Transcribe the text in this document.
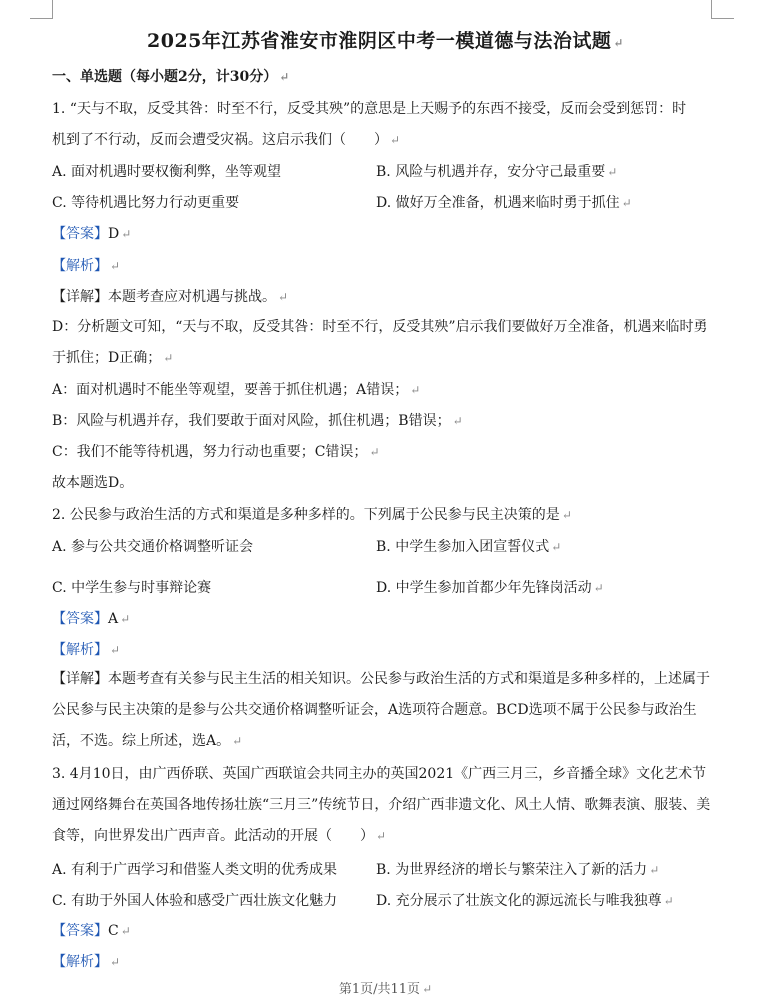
2025年江苏省淮安市淮阴区中考一模道德与法治试题 ↵
一、单选题（每小题2分，计30分） ↵
1. “天与不取，反受其咎：时至不行，反受其殃”的意思是上天赐予的东西不接受，反而会受到惩罚：时
机到了不行动，反而会遭受灾祸。这启示我们（　　） ↵
A. 面对机遇时要权衡利弊，坐等观望	B. 风险与机遇并存，安分守己最重要 ↵
C. 等待机遇比努力行动更重要	D. 做好万全准备，机遇来临时勇于抓住 ↵
【答案】D ↵
【解析】 ↵
【详解】本题考查应对机遇与挑战。 ↵
D：分析题文可知，“天与不取，反受其咎：时至不行，反受其殃”启示我们要做好万全准备，机遇来临时勇于抓住；D正确； ↵
A：面对机遇时不能坐等观望，要善于抓住机遇；A错误； ↵
B：风险与机遇并存，我们要敢于面对风险，抓住机遇；B错误； ↵
C：我们不能等待机遇，努力行动也重要；C错误； ↵
故本题选D。
2. 公民参与政治生活的方式和渠道是多种多样的。下列属于公民参与民主决策的是 ↵
A. 参与公共交通价格调整听证会	B. 中学生参加入团宣誓仪式 ↵
C. 中学生参与时事辩论赛	D. 中学生参加首都少年先锋岗活动 ↵
【答案】A ↵
【解析】 ↵
【详解】本题考查有关参与民主生活的相关知识。公民参与政治生活的方式和渠道是多种多样的，上述属于公民参与民主决策的是参与公共交通价格调整听证会，A选项符合题意。BCD选项不属于公民参与政治生活，不选。综上所述，选A。 ↵
3. 4月10日，由广西侨联、英国广西联谊会共同主办的英国2021《广西三月三，乡音播全球》文化艺术节通过网络舞台在英国各地传扬壮族“三月三”传统节日，介绍广西非遗文化、风土人情、歌舞表演、服装、美食等，向世界发出广西声音。此活动的开展（　　） ↵
A. 有利于广西学习和借鉴人类文明的优秀成果	B. 为世界经济的增长与繁荣注入了新的活力 ↵
C. 有助于外国人体验和感受广西壮族文化魅力	D. 充分展示了壮族文化的源远流长与唯我独尊 ↵
【答案】C ↵
【解析】 ↵
第1页/共11页 ↵
